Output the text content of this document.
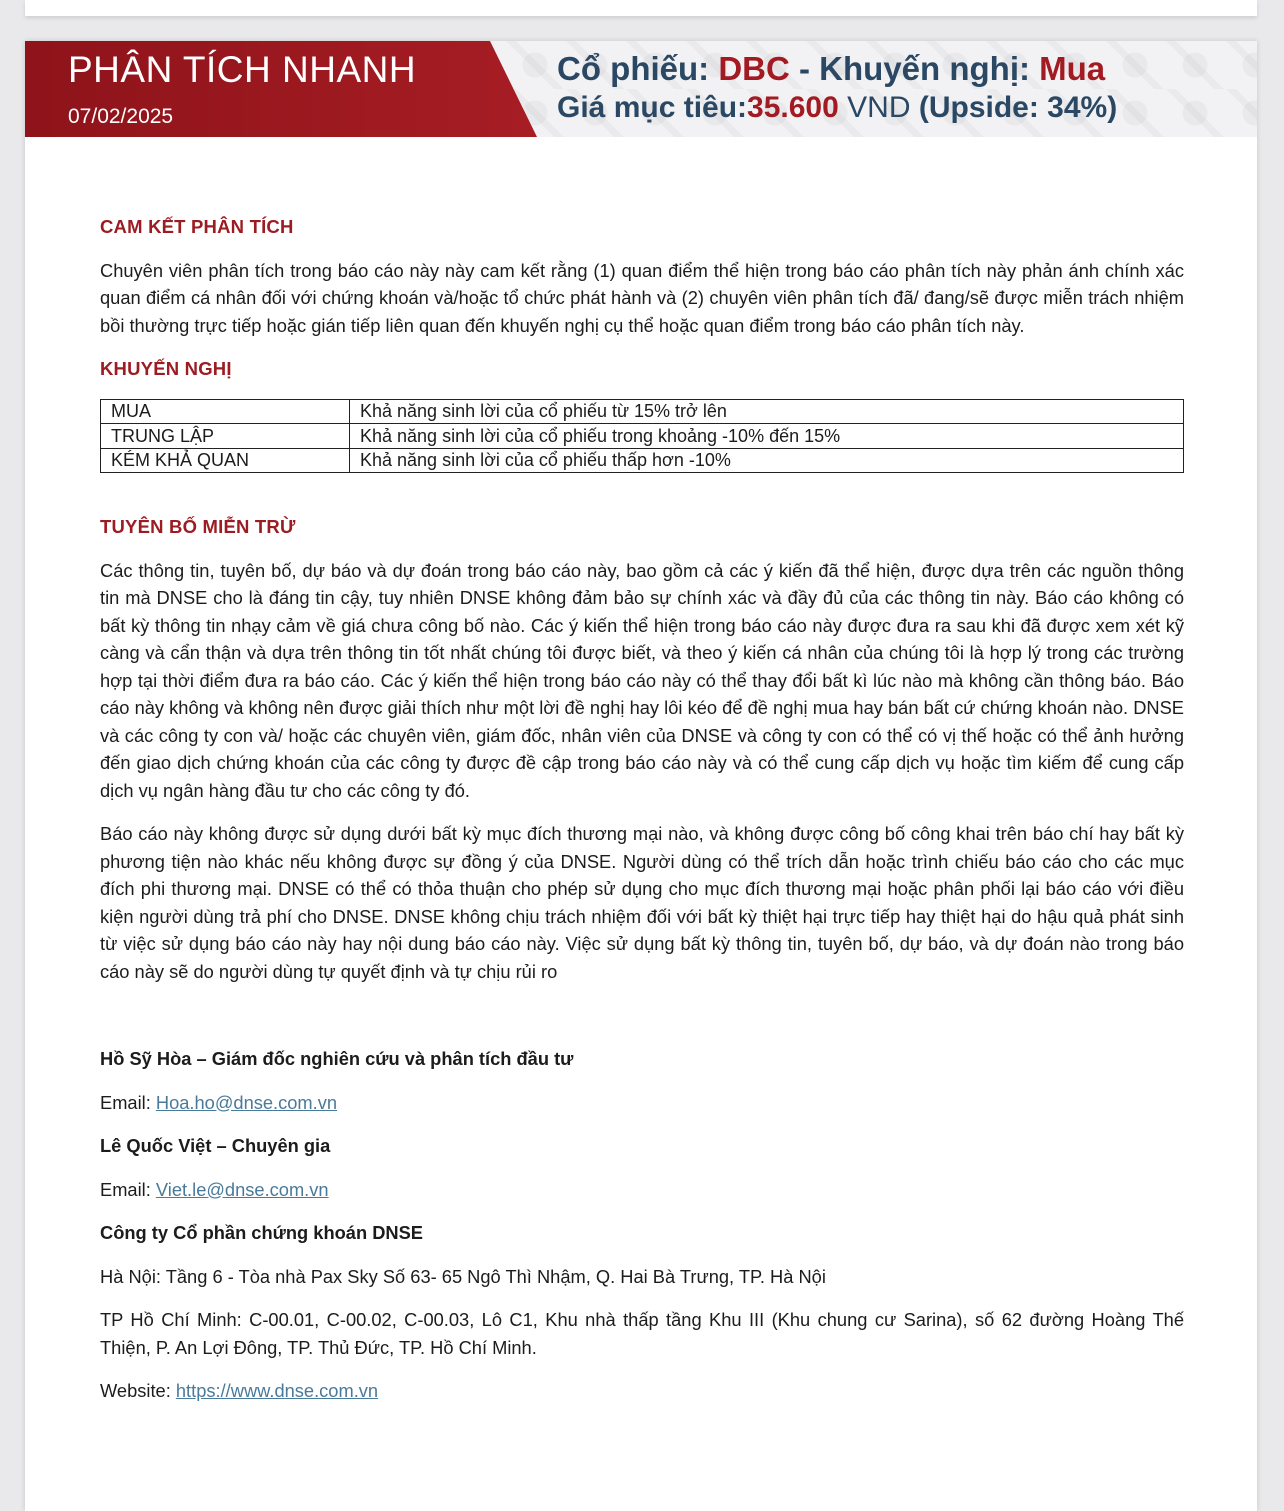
PHÂN TÍCH NHANH
07/02/2025
Cổ phiếu: DBC - Khuyến nghị: Mua
Giá mục tiêu:35.600 VND (Upside: 34%)

CAM KẾT PHÂN TÍCH

Chuyên viên phân tích trong báo cáo này này cam kết rằng (1) quan điểm thể hiện trong báo cáo phân tích này phản ánh chính xác quan điểm cá nhân đối với chứng khoán và/hoặc tổ chức phát hành và (2) chuyên viên phân tích đã/ đang/sẽ được miễn trách nhiệm bồi thường trực tiếp hoặc gián tiếp liên quan đến khuyến nghị cụ thể hoặc quan điểm trong báo cáo phân tích này.

KHUYẾN NGHỊ

MUA	Khả năng sinh lời của cổ phiếu từ 15% trở lên
TRUNG LẬP	Khả năng sinh lời của cổ phiếu trong khoảng -10% đến 15%
KÉM KHẢ QUAN	Khả năng sinh lời của cổ phiếu thấp hơn -10%

TUYÊN BỐ MIỄN TRỪ

Các thông tin, tuyên bố, dự báo và dự đoán trong báo cáo này, bao gồm cả các ý kiến đã thể hiện, được dựa trên các nguồn thông tin mà DNSE cho là đáng tin cậy, tuy nhiên DNSE không đảm bảo sự chính xác và đầy đủ của các thông tin này. Báo cáo không có bất kỳ thông tin nhạy cảm về giá chưa công bố nào. Các ý kiến thể hiện trong báo cáo này được đưa ra sau khi đã được xem xét kỹ càng và cẩn thận và dựa trên thông tin tốt nhất chúng tôi được biết, và theo ý kiến cá nhân của chúng tôi là hợp lý trong các trường hợp tại thời điểm đưa ra báo cáo. Các ý kiến thể hiện trong báo cáo này có thể thay đổi bất kì lúc nào mà không cần thông báo. Báo cáo này không và không nên được giải thích như một lời đề nghị hay lôi kéo để đề nghị mua hay bán bất cứ chứng khoán nào. DNSE và các công ty con và/ hoặc các chuyên viên, giám đốc, nhân viên của DNSE và công ty con có thể có vị thế hoặc có thể ảnh hưởng đến giao dịch chứng khoán của các công ty được đề cập trong báo cáo này và có thể cung cấp dịch vụ hoặc tìm kiếm để cung cấp dịch vụ ngân hàng đầu tư cho các công ty đó.

Báo cáo này không được sử dụng dưới bất kỳ mục đích thương mại nào, và không được công bố công khai trên báo chí hay bất kỳ phương tiện nào khác nếu không được sự đồng ý của DNSE. Người dùng có thể trích dẫn hoặc trình chiếu báo cáo cho các mục đích phi thương mại. DNSE có thể có thỏa thuận cho phép sử dụng cho mục đích thương mại hoặc phân phối lại báo cáo với điều kiện người dùng trả phí cho DNSE. DNSE không chịu trách nhiệm đối với bất kỳ thiệt hại trực tiếp hay thiệt hại do hậu quả phát sinh từ việc sử dụng báo cáo này hay nội dung báo cáo này. Việc sử dụng bất kỳ thông tin, tuyên bố, dự báo, và dự đoán nào trong báo cáo này sẽ do người dùng tự quyết định và tự chịu rủi ro

Hồ Sỹ Hòa – Giám đốc nghiên cứu và phân tích đầu tư

Email: Hoa.ho@dnse.com.vn

Lê Quốc Việt – Chuyên gia

Email: Viet.le@dnse.com.vn

Công ty Cổ phần chứng khoán DNSE

Hà Nội: Tầng 6 - Tòa nhà Pax Sky Số 63- 65 Ngô Thì Nhậm, Q. Hai Bà Trưng, TP. Hà Nội

TP Hồ Chí Minh: C-00.01, C-00.02, C-00.03, Lô C1, Khu nhà thấp tầng Khu III (Khu chung cư Sarina), số 62 đường Hoàng Thế Thiện, P. An Lợi Đông, TP. Thủ Đức, TP. Hồ Chí Minh.

Website: https://www.dnse.com.vn
